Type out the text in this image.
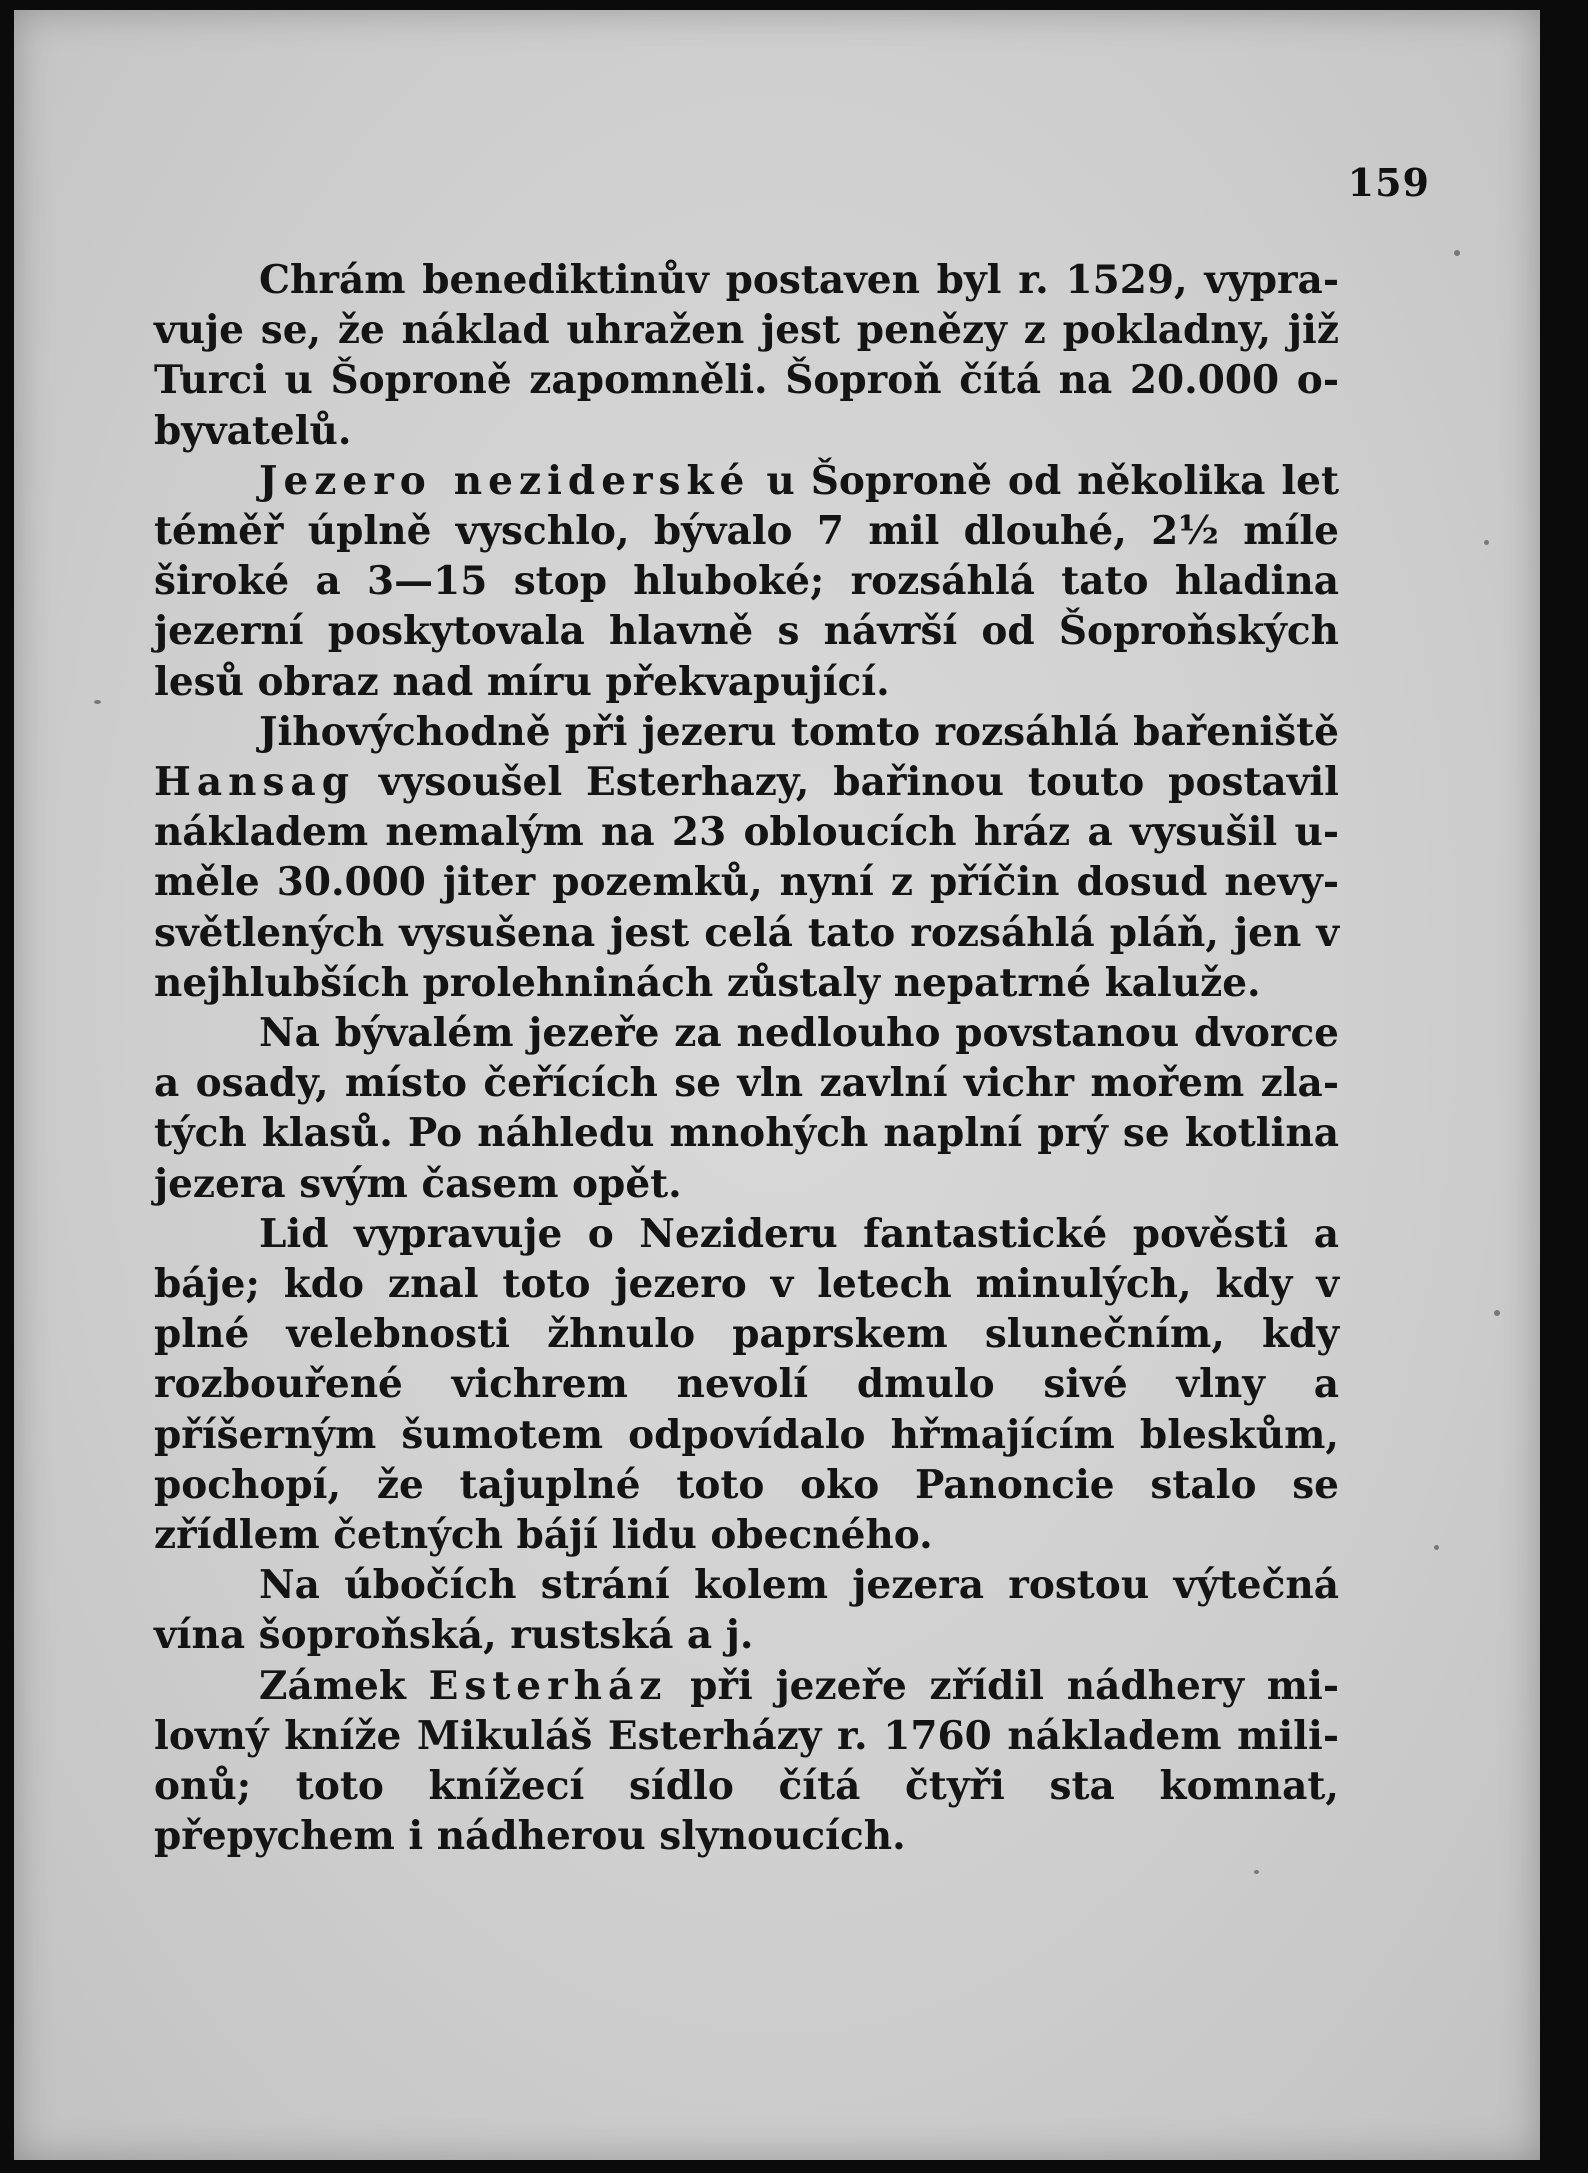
159

Chrám benediktinův postaven byl r. 1529, vypravuje se, že náklad uhražen jest penězy z pokladny, již Turci u Šoproně zapomněli. Šoproň čítá na 20.000 obyvatelů.

Jezero neziderské u Šoproně od několika let téměř úplně vyschlo, bývalo 7 mil dlouhé, 2½ míle široké a 3—15 stop hluboké; rozsáhlá tato hladina jezerní poskytovala hlavně s návrší od Šoproňských lesů obraz nad míru překvapující.

Jihovýchodně při jezeru tomto rozsáhlá bařeniště Hansag vysoušel Esterhazy, bařinou touto postavil nákladem nemalým na 23 obloucích hráz a vysušil uměle 30.000 jiter pozemků, nyní z příčin dosud nevysvětlených vysušena jest celá tato rozsáhlá pláň, jen v nejhlubších prolehninách zůstaly nepatrné kaluže.

Na bývalém jezeře za nedlouho povstanou dvorce a osady, místo čeřících se vln zavlní vichr mořem zlatých klasů. Po náhledu mnohých naplní prý se kotlina jezera svým časem opět.

Lid vypravuje o Nezideru fantastické pověsti a báje; kdo znal toto jezero v letech minulých, kdy v plné velebnosti žhnulo paprskem slunečním, kdy rozbouřené vichrem nevolí dmulo sivé vlny a příšerným šumotem odpovídalo hřmajícím bleskům, pochopí, že tajuplné toto oko Panoncie stalo se zřídlem četných bájí lidu obecného.

Na úbočích strání kolem jezera rostou výtečná vína šoproňská, rustská a j.

Zámek Esterház při jezeře zřídil nádhery milovný kníže Mikuláš Esterházy r. 1760 nákladem milionů; toto knížecí sídlo čítá čtyři sta komnat, přepychem i nádherou slynoucích.
